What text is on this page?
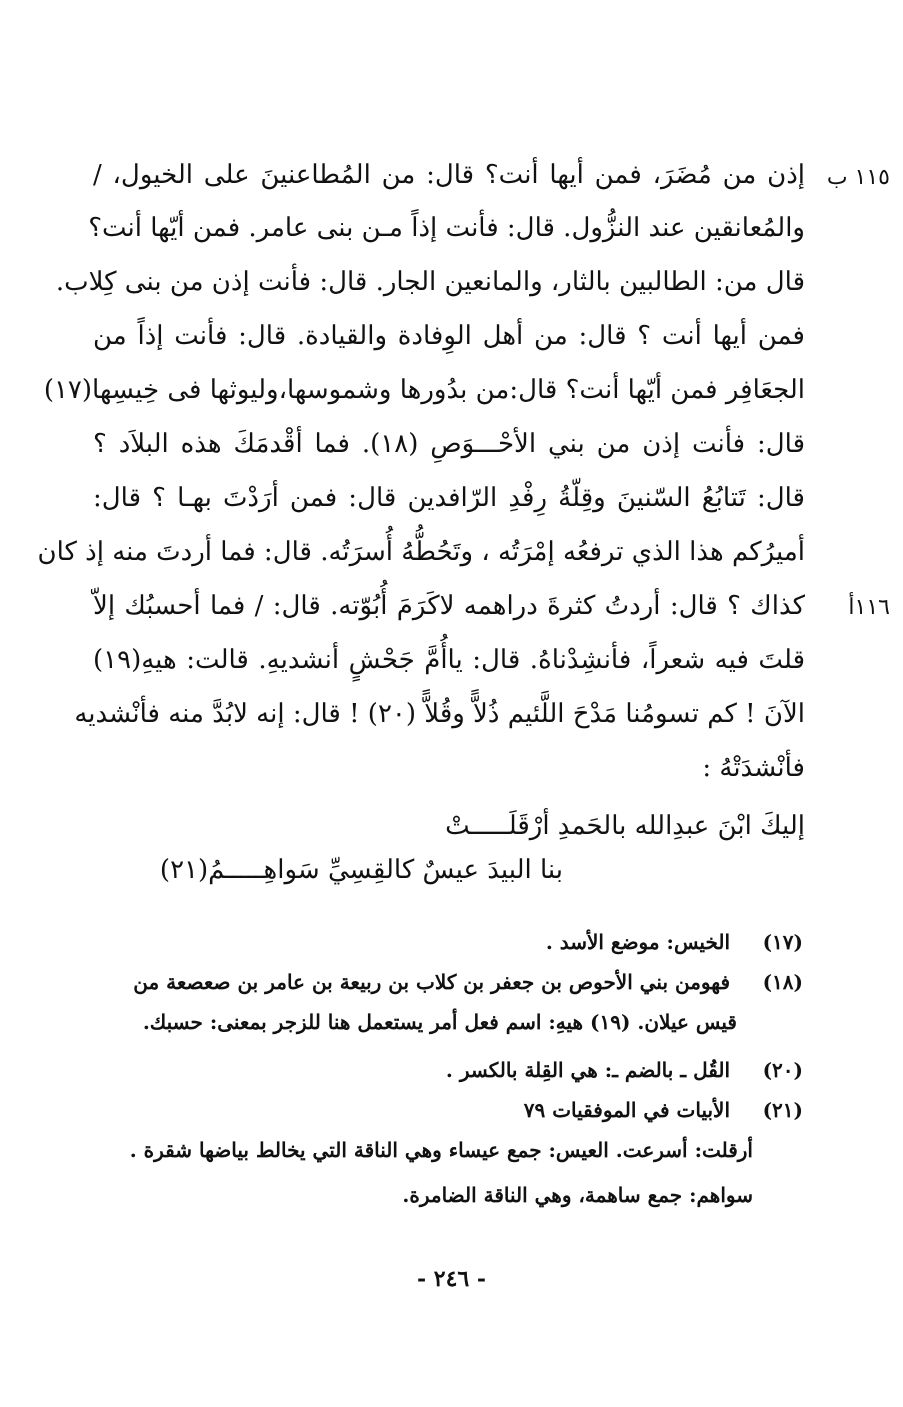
١١٥ ب
١١٦أ
إذن من مُضَرَ، فمن أيها أنت؟ قال: من المُطاعنينَ على الخيول، /
والمُعانقين عند النزُّول. قال: فأنت إذاً مـن بنى عامر. فمن أيّها أنت؟
قال من: الطالبين بالثار، والمانعين الجار. قال: فأنت إذن من بنى كِلاب.
فمن أيها أنت ؟ قال: من أهل الوِفادة والقيادة. قال: فأنت إذاً من
الجعَافِر فمن أيّها أنت؟ قال:من بدُورها وشموسها،وليوثها فى خِيسِها(١٧)
قال: فأنت إذن من بني الأحْـــوَصِ (١٨). فما أقْدمَكَ هذه البلاَد ؟
قال: تَتابُعُ السّنينَ وقِلّةُ رِفْدِ الرّافدين قال: فمن أرَدْتَ بهـا ؟ قال:
أميرُكم هذا الذي ترفعُه إمْرَتُه ، وتَحُطُّهُ أُسرَتُه. قال: فما أردتَ منه إذ كان
كذاك ؟ قال: أردتُ كثرةَ دراهمه لاكَرَمَ أُبُوّته. قال: / فما أحسبُك إلاّ
قلتَ فيه شعراً، فأنشِدْناهُ. قال: ياأُمَّ جَحْشٍ أنشديهِ. قالت: هيهِ(١٩)
الآنَ ! كم تسومُنا مَدْحَ اللَّئيم ذُلاًّ وقُلاًّ (٢٠) ! قال: إنه لابُدَّ منه فأنْشديه
فأنْشدَتْهُ :
إليكَ ابْنَ عبدِالله بالحَمدِ أرْقَلَـــــتْ
بنا البيدَ عيسٌ كالقِسِيِّ سَواهِـــــمُ(٢١)
(١٧) الخيس: موضع الأسد .
(١٨) فهومن بني الأحوص بن جعفر بن كلاب بن ربيعة بن عامر بن صعصعة من
قيس عيلان. (١٩) هيهِ: اسم فعل أمر يستعمل هنا للزجر بمعنى: حسبك.
(٢٠) القُل ـ بالضم ـ: هي القِلة بالكسر .
(٢١) الأبيات في الموفقيات ٧٩
أرقلت: أسرعت. العيس: جمع عيساء وهي الناقة التي يخالط بياضها شقرة .
سواهم: جمع ساهمة، وهي الناقة الضامرة.
- ٢٤٦ -
